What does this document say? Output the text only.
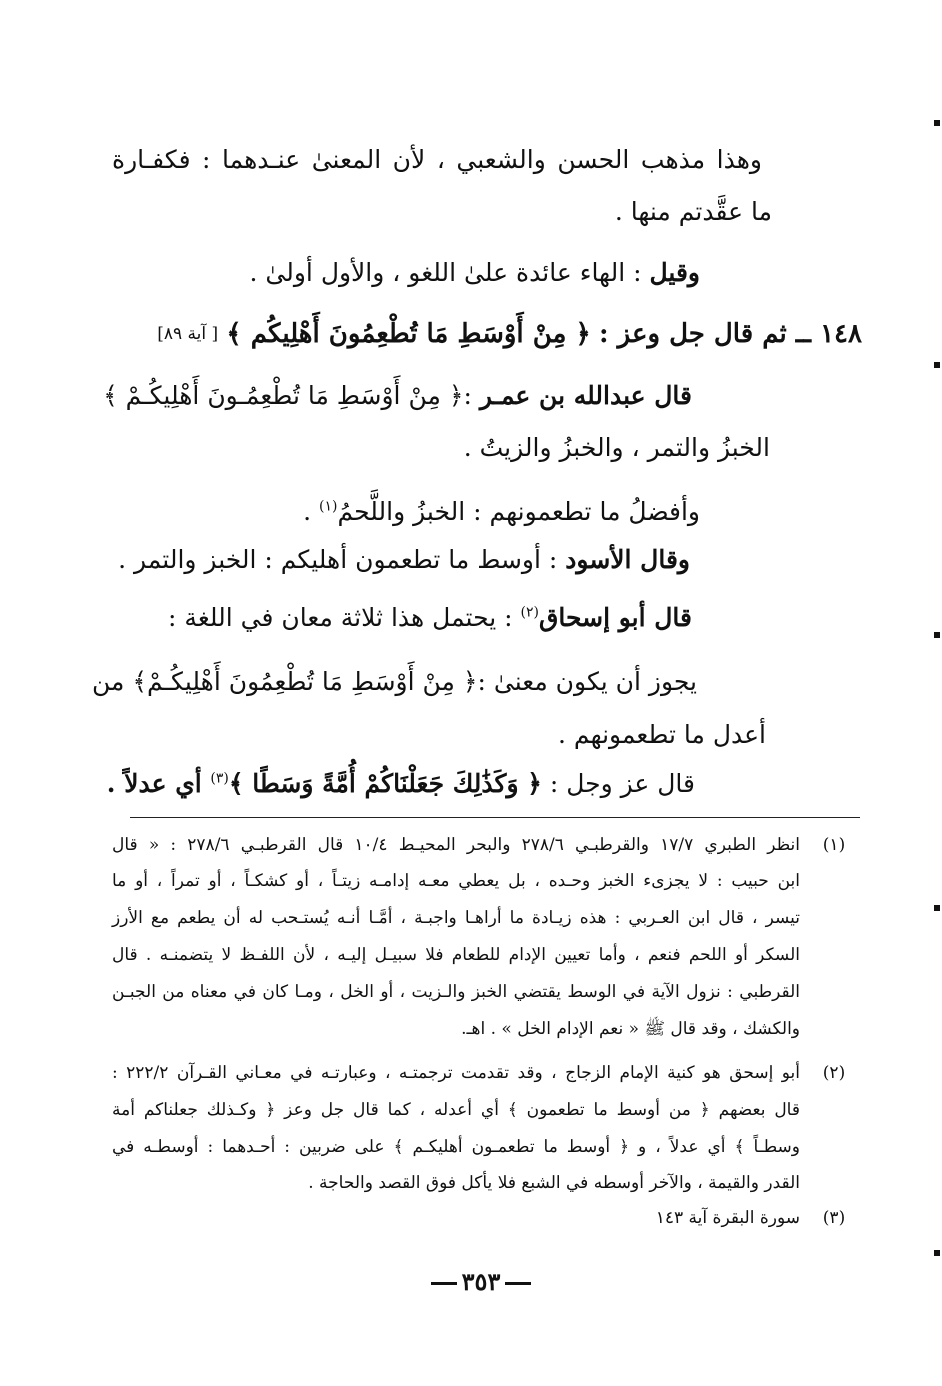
وهذا مذهب الحسن والشعبي ، لأن المعنىٰ عنـدهما : فكفـارة
ما عقَّدتم منها .
وقيل : الهاء عائدة علىٰ اللغو ، والأول أولىٰ .
١٤٨ ــ ثم قال جل وعز : ﴿ مِنْ أَوْسَطِ مَا تُطْعِمُونَ أَهْلِيكُم ﴾ [ آية ٨٩]
قال عبدالله بن عمـر :﴿ مِنْ أَوْسَطِ مَا تُطْعِمُـونَ أَهْلِيكُـمْ ﴾
الخبزُ والتمر ، والخبزُ والزيتُ .
وأفضلُ ما تطعمونهم : الخبزُ واللَّحمُ$^{(١)}$ .
وقال الأسود : أوسط ما تطعمون أهليكم : الخبز والتمر .
قال أبو إسحاق$^{(٢)}$ : يحتمل هذا ثلاثة معان في اللغة :
يجوز أن يكون معنىٰ :﴿ مِنْ أَوْسَطِ مَا تُطْعِمُونَ أَهْلِيكُـمْ﴾ من
أعدل ما تطعمونهم .
قال عز وجل : ﴿ وَكَذَٰلِكَ جَعَلْنَاكُمْ أُمَّةً وَسَطًا ﴾$^{(٣)}$ أي عدلاً .
(١)
انظر الطبري ١٧/٧ والقرطبـي ٢٧٨/٦ والبحر المحيـط ١٠/٤ قال القرطبـي ٢٧٨/٦ : « قال
ابن حبيب : لا يجزىء الخبز وحـده ، بل يعطي معـه إدامـه زيتـاً ، أو كشكـاً ، أو تمراً ، أو ما
تيسر ، قال ابن العـربي : هذه زيـادة ما أراهـا واجبـة ، أمَّـا أنـه يُستـحب له أن يطعم مع الأرز
السكر أو اللحم فنعم ، وأما تعيين الإدام للطعام فلا سبيـل إليـه ، لأن اللفـظ لا يتضمنـه . قال
القرطبي : نزول الآية في الوسط يقتضي الخبز والـزيت ، أو الخل ، ومـا كان في معناه من الجبـن
والكشك ، وقد قال ﷺ « نعم الإدام الخل » . اهـ.
(٢)
أبو إسحق هو كنية الإمام الزجاج ، وقد تقدمت ترجمتـه ، وعبارتـه في معـاني القـرآن ٢٢٢/٢ :
قال بعضهم ﴿ من أوسط ما تطعمون ﴾ أي أعدله ، كما قال جل وعز ﴿ وكـذلك جعلناكم أمة
وسطـاً ﴾ أي عدلاً ، و ﴿ أوسط ما تطعمـون أهليكـم ﴾ على ضربين : أحـدهما : أوسطـه في
القدر والقيمة ، والآخر أوسطه في الشبع فلا يأكل فوق القصد والحاجة .
(٣)
سورة البقرة آية ١٤٣
٣٥٣
